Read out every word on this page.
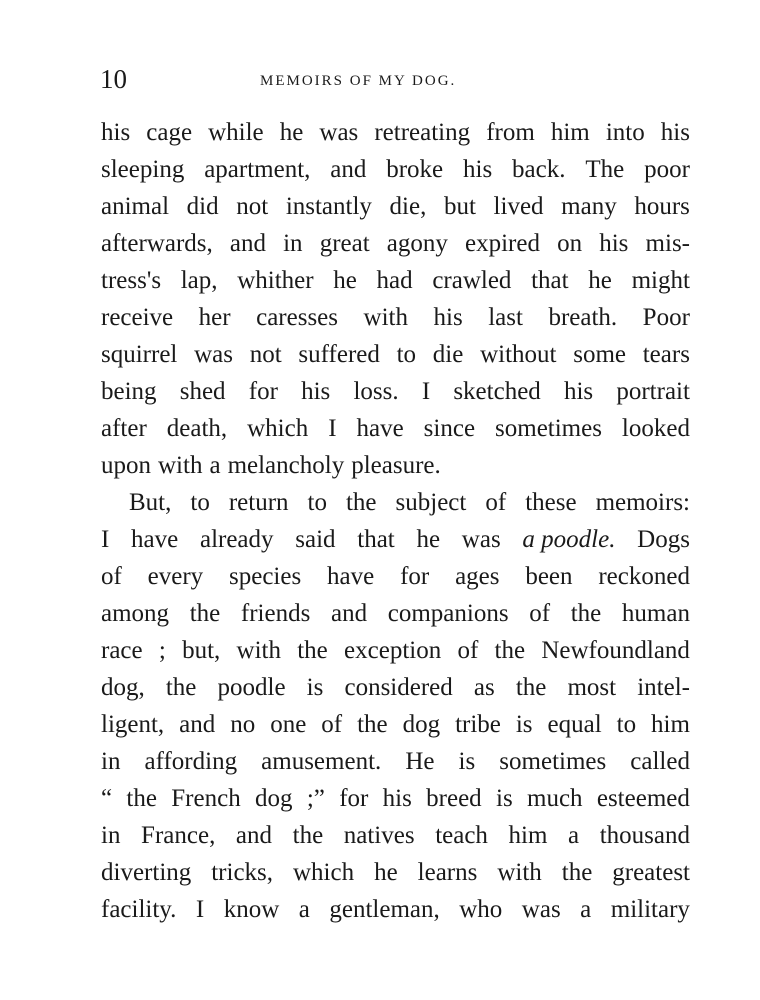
10	MEMOIRS OF MY DOG.
his cage while he was retreating from him into his
sleeping apartment, and broke his back. The poor
animal did not instantly die, but lived many hours
afterwards, and in great agony expired on his mis-
tress's lap, whither he had crawled that he might
receive her caresses with his last breath. Poor
squirrel was not suffered to die without some tears
being shed for his loss. I sketched his portrait
after death, which I have since sometimes looked
upon with a melancholy pleasure.
But, to return to the subject of these memoirs:
I have already said that he was a poodle. Dogs
of every species have for ages been reckoned
among the friends and companions of the human
race ; but, with the exception of the Newfoundland
dog, the poodle is considered as the most intel-
ligent, and no one of the dog tribe is equal to him
in affording amusement. He is sometimes called
“ the French dog ;” for his breed is much esteemed
in France, and the natives teach him a thousand
diverting tricks, which he learns with the greatest
facility. I know a gentleman, who was a military
